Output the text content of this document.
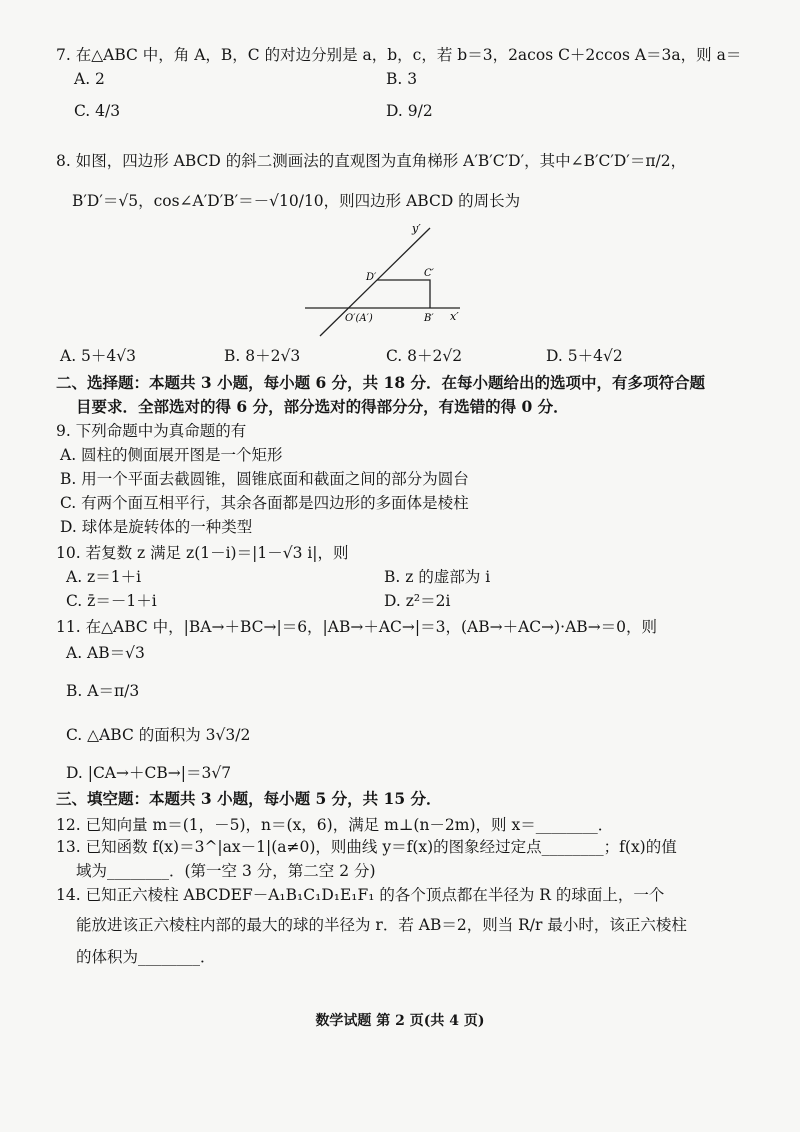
7. 在△ABC 中，角 A，B，C 的对边分别是 a，b，c，若 b＝3，2acos C＋2ccos A＝3a，则 a＝
A. 2	B. 3
C. 4/3	D. 9/2
8. 如图，四边形 ABCD 的斜二测画法的直观图为直角梯形 A′B′C′D′，其中∠B′C′D′＝π/2，
B′D′＝√5，cos∠A′D′B′＝－√10/10，则四边形 ABCD 的周长为
y′
x′
O′(A′)	B′
C′
D′
A. 5＋4√3	B. 8＋2√3	C. 8＋2√2	D. 5＋4√2
二、选择题：本题共 3 小题，每小题 6 分，共 18 分．在每小题给出的选项中，有多项符合题
目要求．全部选对的得 6 分，部分选对的得部分分，有选错的得 0 分．
9. 下列命题中为真命题的有
A. 圆柱的侧面展开图是一个矩形
B. 用一个平面去截圆锥，圆锥底面和截面之间的部分为圆台
C. 有两个面互相平行，其余各面都是四边形的多面体是棱柱
D. 球体是旋转体的一种类型
10. 若复数 z 满足 z(1－i)＝|1－√3 i|，则
A. z＝1＋i	B. z 的虚部为 i
C. z̄＝－1＋i	D. z²＝2i
11. 在△ABC 中，|BA→＋BC→|＝6，|AB→＋AC→|＝3，(AB→＋AC→)·AB→＝0，则
A. AB＝√3
B. A＝π/3
C. △ABC 的面积为 3√3/2
D. |CA→＋CB→|＝3√7
三、填空题：本题共 3 小题，每小题 5 分，共 15 分．
12. 已知向量 m＝(1，－5)，n＝(x，6)，满足 m⊥(n－2m)，则 x＝________．
13. 已知函数 f(x)＝3^|ax－1|(a≠0)，则曲线 y＝f(x)的图象经过定点________；f(x)的值
域为________．(第一空 3 分，第二空 2 分)
14. 已知正六棱柱 ABCDEF－A₁B₁C₁D₁E₁F₁ 的各个顶点都在半径为 R 的球面上，一个
能放进该正六棱柱内部的最大的球的半径为 r．若 AB＝2，则当 R/r 最小时，该正六棱柱
的体积为________．
数学试题 第 2 页(共 4 页)
